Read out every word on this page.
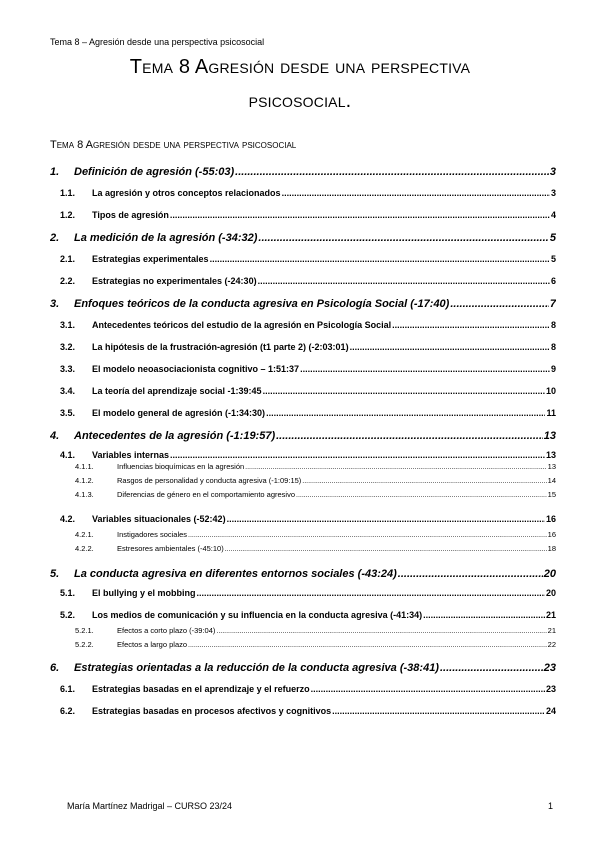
Tema 8 – Agresión desde una perspectiva psicosocial
Tema 8 Agresión desde una perspectiva
psicosocial.
Tema 8 Agresión desde una perspectiva psicosocial
1.	Definición de agresión (-55:03) .....	3
1.1.	La agresión y otros conceptos relacionados .....	3
1.2.	Tipos de agresión .....	4
2.	La medición de la agresión (-34:32) .....	5
2.1.	Estrategias experimentales .....	5
2.2.	Estrategias no experimentales (-24:30) .....	6
3.	Enfoques teóricos de la conducta agresiva en Psicología Social (-17:40) .....	7
3.1.	Antecedentes teóricos del estudio de la agresión en Psicología Social .....	8
3.2.	La hipótesis de la frustración-agresión (t1 parte 2) (-2:03:01) .....	8
3.3.	El modelo neoasociacionista cognitivo – 1:51:37 .....	9
3.4.	La teoría del aprendizaje social -1:39:45 .....	10
3.5.	El modelo general de agresión (-1:34:30) .....	11
4.	Antecedentes de la agresión (-1:19:57) .....	13
4.1.	Variables internas .....	13
4.1.1.	Influencias bioquímicas en la agresión .....	13
4.1.2.	Rasgos de personalidad y conducta agresiva (-1:09:15) .....	14
4.1.3.	Diferencias de género en el comportamiento agresivo .....	15
4.2.	Variables situacionales (-52:42) .....	16
4.2.1.	Instigadores sociales .....	16
4.2.2.	Estresores ambientales (-45:10) .....	18
5.	La conducta agresiva en diferentes entornos sociales (-43:24) .....	20
5.1.	El bullying y el mobbing .....	20
5.2.	Los medios de comunicación y su influencia en la conducta agresiva (-41:34) .....	21
5.2.1.	Efectos a corto plazo (-39:04) .....	21
5.2.2.	Efectos a largo plazo .....	22
6.	Estrategias orientadas a la reducción de la conducta agresiva (-38:41) .....	23
6.1.	Estrategias basadas en el aprendizaje y el refuerzo .....	23
6.2.	Estrategias basadas en procesos afectivos y cognitivos .....	24
María Martínez Madrigal – CURSO 23/24	1
